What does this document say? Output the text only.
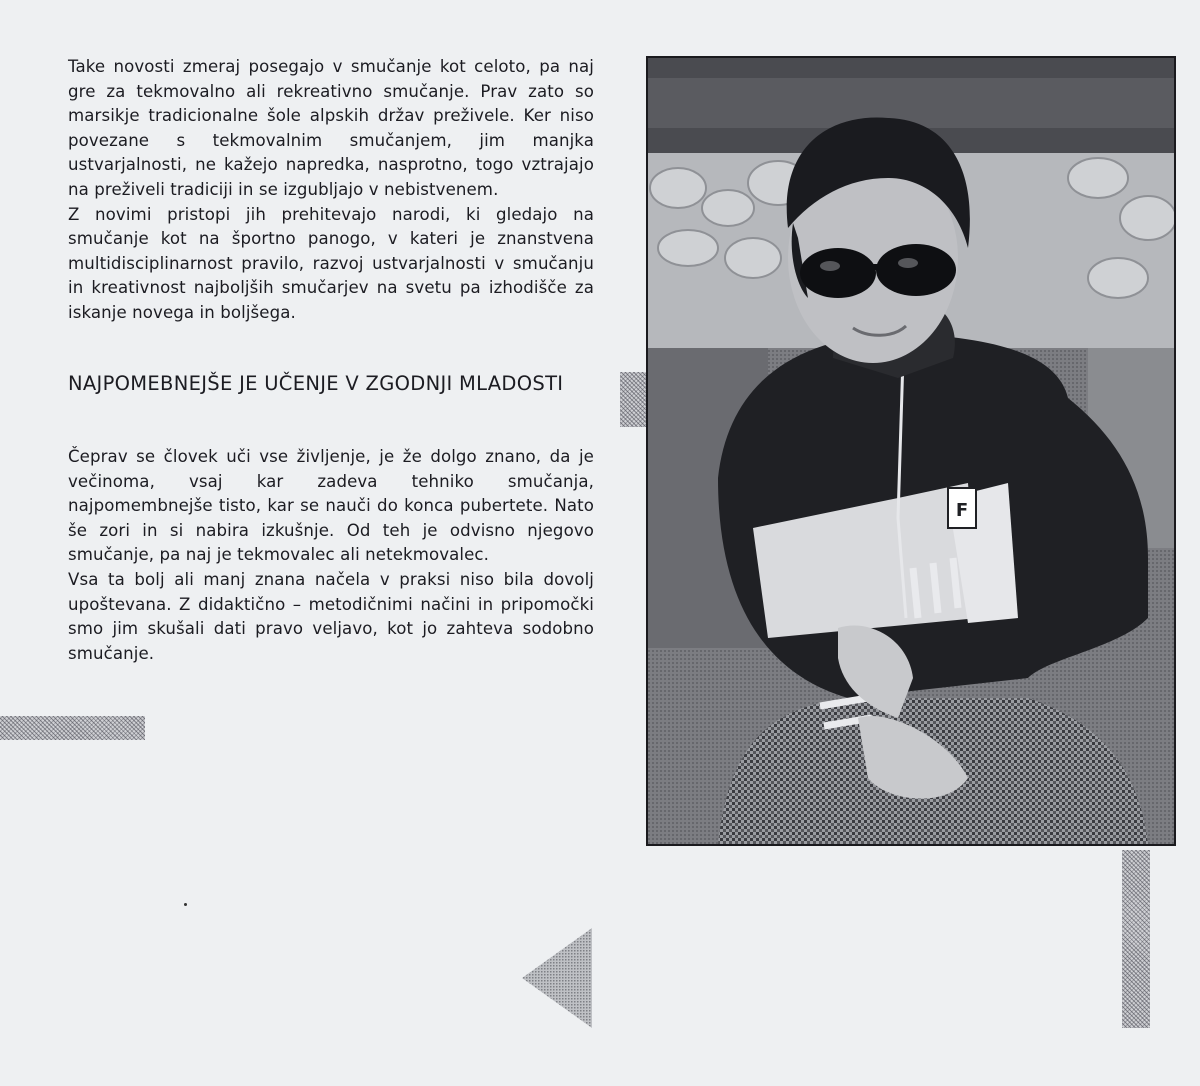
Take novosti zmeraj posegajo v smučanje kot celoto, pa naj gre za tekmovalno ali rekreativno smučanje. Prav zato so marsikje tradicionalne šole alpskih držav preživele. Ker niso povezane s tekmovalnim smučanjem, jim manjka ustvarjalnosti, ne kažejo napredka, nasprotno, togo vztrajajo na preživeli tradiciji in se izgubljajo v nebistvenem.

Z novimi pristopi jih prehitevajo narodi, ki gledajo na smučanje kot na športno panogo, v kateri je znanstvena multidisciplinarnost pravilo, razvoj ustvarjalnosti v smučanju in kreativnost najboljših smučarjev na svetu pa izhodišče za iskanje novega in boljšega.

NAJPOMEBNEJŠE JE UČENJE V ZGODNJI MLADOSTI

Čeprav se človek uči vse življenje, je že dolgo znano, da je večinoma, vsaj kar zadeva tehniko smučanja, najpomembnejše tisto, kar se nauči do konca pubertete. Nato še zori in si nabira izkušnje. Od teh je odvisno njegovo smučanje, pa naj je tekmovalec ali netekmovalec.

Vsa ta bolj ali manj znana načela v praksi niso bila dovolj upoštevana. Z didaktično – metodičnimi načini in pripomočki smo jim skušali dati pravo veljavo, kot jo zahteva sodobno smučanje.

F
